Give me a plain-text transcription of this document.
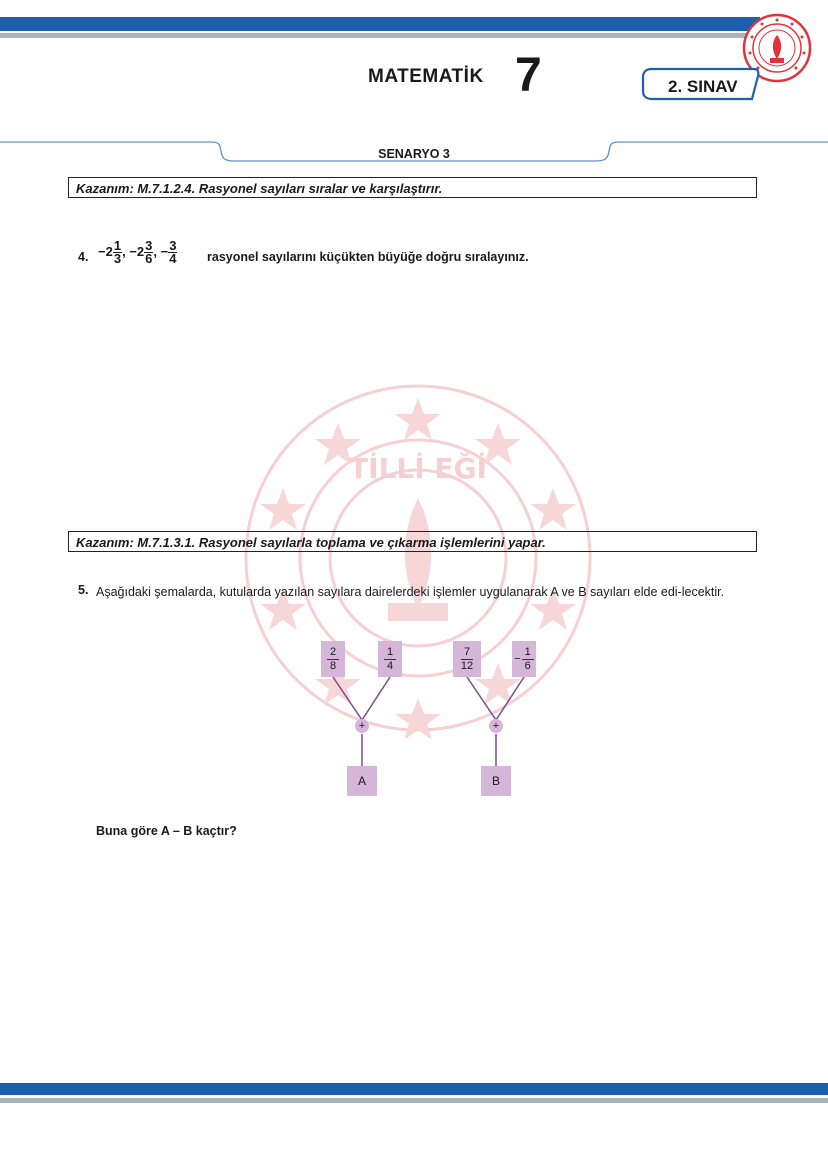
TİLLİ EĞİ
MATEMATİK 7	2. SINAV
SENARYO 3
Kazanım: M.7.1.2.4. Rasyonel sayıları sıralar ve karşılaştırır.
4. $-2 \frac{1}{3}$ , $-2 \frac{3}{6}$ , − $\frac{3}{4}$ rasyonel sayılarını küçükten büyüğe doğru sıralayınız.
Kazanım: M.7.1.3.1. Rasyonel sayılarla toplama ve çıkarma işlemlerini yapar.
5. Aşağıdaki şemalarda, kutularda yazılan sayılara dairelerdeki işlemler uygulanarak A ve B sayıları elde edi-lecektir.
$\frac{2}{8}$	$\frac{1}{4}$
+
A
$\frac{7}{12}$	− $\frac{1}{6}$
+
B
Buna göre A – B kaçtır?
